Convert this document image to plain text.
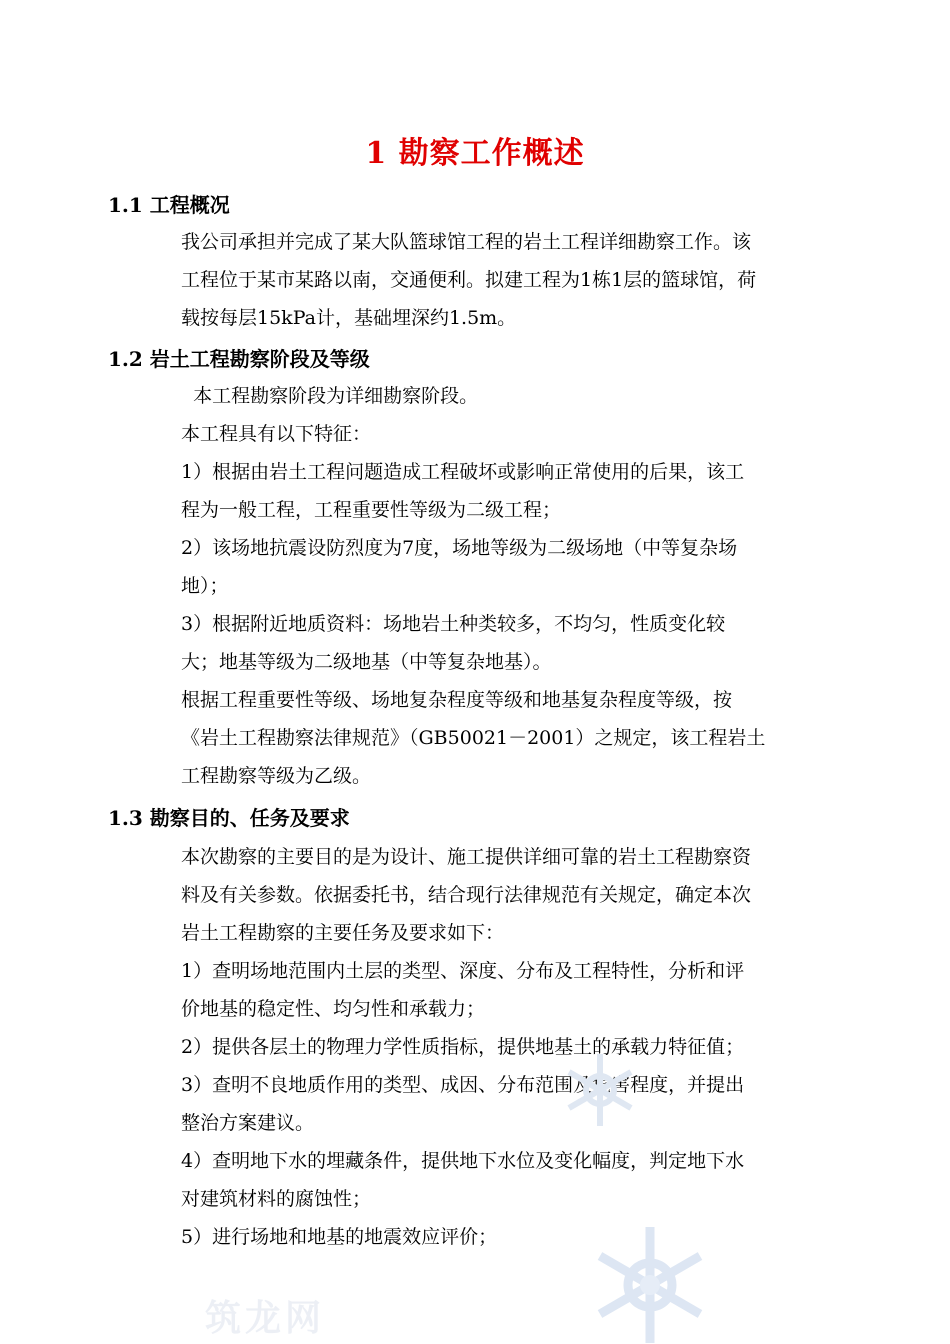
1 勘察工作概述
1.1 工程概况
我公司承担并完成了某大队篮球馆工程的岩土工程详细勘察工作。该
工程位于某市某路以南，交通便利。拟建工程为1栋1层的篮球馆，荷
载按每层15kPa计，基础埋深约1.5m。
1.2 岩土工程勘察阶段及等级
本工程勘察阶段为详细勘察阶段。
本工程具有以下特征：
1）根据由岩土工程问题造成工程破坏或影响正常使用的后果，该工
程为一般工程，工程重要性等级为二级工程；
2）该场地抗震设防烈度为7度，场地等级为二级场地（中等复杂场
地）；
3）根据附近地质资料：场地岩土种类较多，不均匀，性质变化较
大；地基等级为二级地基（中等复杂地基）。
根据工程重要性等级、场地复杂程度等级和地基复杂程度等级，按
《岩土工程勘察法律规范》（GB50021－2001）之规定，该工程岩土
工程勘察等级为乙级。
1.3 勘察目的、任务及要求
本次勘察的主要目的是为设计、施工提供详细可靠的岩土工程勘察资
料及有关参数。依据委托书，结合现行法律规范有关规定，确定本次
岩土工程勘察的主要任务及要求如下：
1）查明场地范围内土层的类型、深度、分布及工程特性，分析和评
价地基的稳定性、均匀性和承载力；
2）提供各层土的物理力学性质指标，提供地基土的承载力特征值；
3）查明不良地质作用的类型、成因、分布范围及危害程度，并提出
整治方案建议。
4）查明地下水的埋藏条件，提供地下水位及变化幅度，判定地下水
对建筑材料的腐蚀性；
5）进行场地和地基的地震效应评价；
筑龙网
